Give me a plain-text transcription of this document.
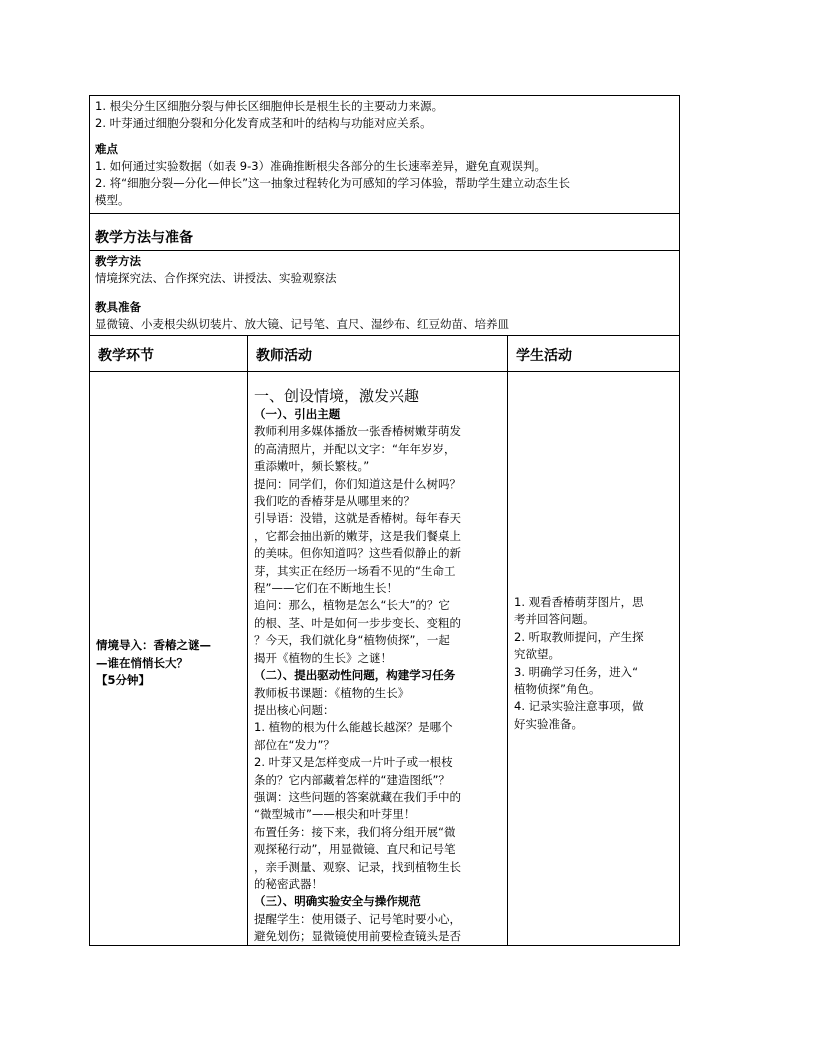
1. 根尖分生区细胞分裂与伸长区细胞伸长是根生长的主要动力来源。

2. 叶芽通过细胞分裂和分化发育成茎和叶的结构与功能对应关系。

难点

1. 如何通过实验数据（如表 9-3）准确推断根尖各部分的生长速率差异，避免直观误判。

2. 将“细胞分裂—分化—伸长”这一抽象过程转化为可感知的学习体验，帮助学生建立动态生长

模型。

教学方法与准备

教学方法

情境探究法、合作探究法、讲授法、实验观察法

教具准备

显微镜、小麦根尖纵切装片、放大镜、记号笔、直尺、湿纱布、红豆幼苗、培养皿

教学环节	教师活动	学生活动

情境导入：香椿之谜—

—谁在悄悄长大？

【5分钟】

一、创设情境，激发兴趣

（一）、引出主题

教师利用多媒体播放一张香椿树嫩芽萌发

的高清照片，并配以文字：“年年岁岁，

重添嫩叶，频长繁枝。”

提问：同学们，你们知道这是什么树吗？

我们吃的香椿芽是从哪里来的？

引导语：没错，这就是香椿树。每年春天

，它都会抽出新的嫩芽，这是我们餐桌上

的美味。但你知道吗？这些看似静止的新

芽，其实正在经历一场看不见的“生命工

程”——它们在不断地生长！

追问：那么，植物是怎么“长大”的？它

的根、茎、叶是如何一步步变长、变粗的

？今天，我们就化身“植物侦探”，一起

揭开《植物的生长》之谜！

（二）、提出驱动性问题，构建学习任务

教师板书课题：《植物的生长》

提出核心问题：

1. 植物的根为什么能越长越深？是哪个

部位在“发力”？

2. 叶芽又是怎样变成一片叶子或一根枝

条的？它内部藏着怎样的“建造图纸”？

强调：这些问题的答案就藏在我们手中的

“微型城市”——根尖和叶芽里！

布置任务：接下来，我们将分组开展“微

观探秘行动”，用显微镜、直尺和记号笔

，亲手测量、观察、记录，找到植物生长

的秘密武器！

（三）、明确实验安全与操作规范

提醒学生：使用镊子、记号笔时要小心，

避免划伤；显微镜使用前要检查镜头是否

1. 观看香椿萌芽图片，思

考并回答问题。

2. 听取教师提问，产生探

究欲望。

3. 明确学习任务，进入“

植物侦探”角色。

4. 记录实验注意事项，做

好实验准备。
